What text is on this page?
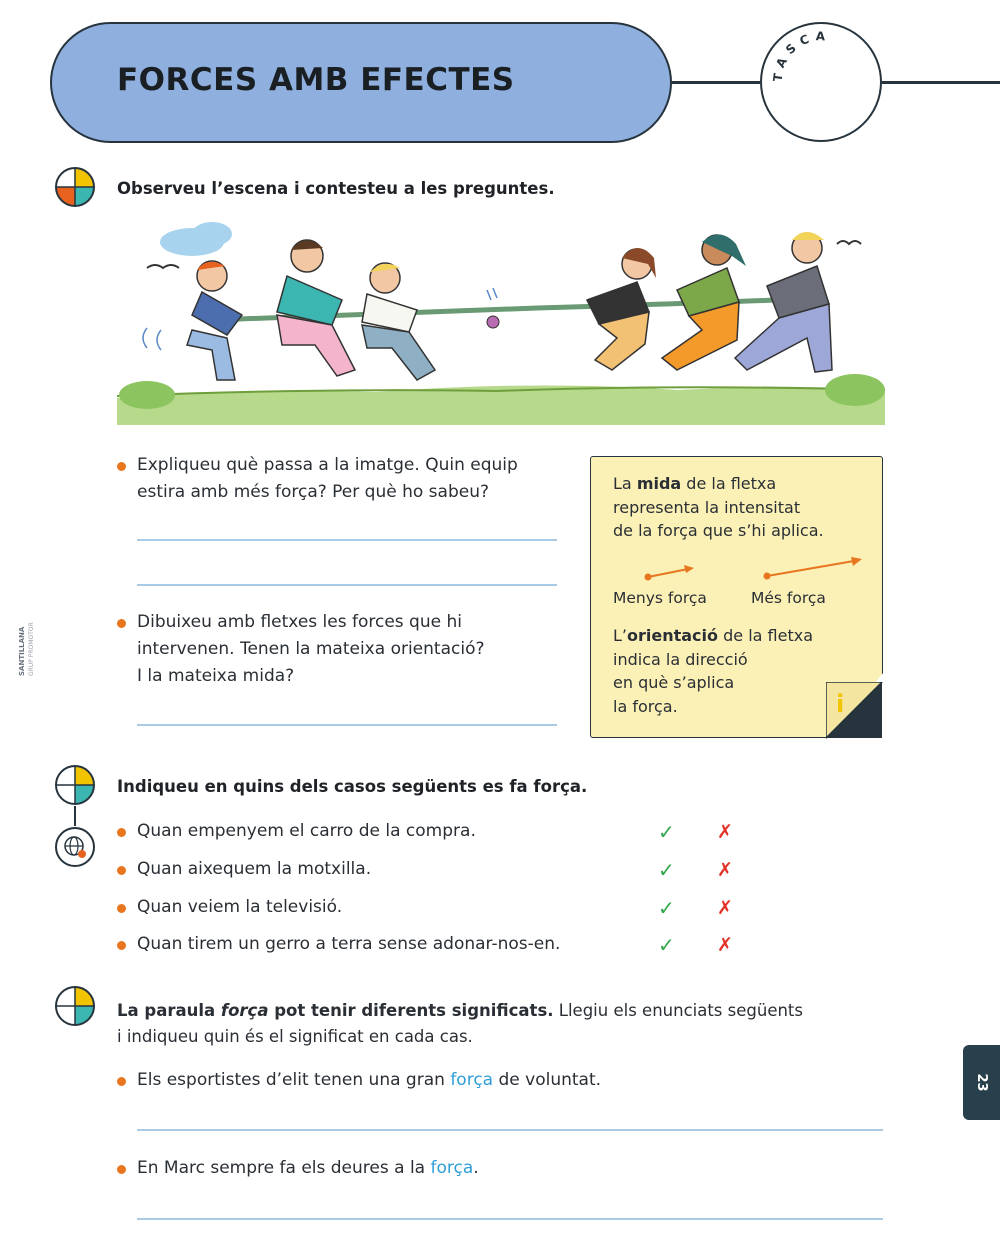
FORCES AMB EFECTES	TASCA
Observeu l’escena i contesteu a les preguntes.
Expliqueu què passa a la imatge. Quin equip
estira amb més força? Per què ho sabeu?
Dibuixeu amb fletxes les forces que hi
intervenen. Tenen la mateixa orientació?
I la mateixa mida?
i
La mida de la fletxa
representa la intensitat
de la força que s’hi aplica.
Menys força	Més força
L’orientació de la fletxa
indica la direcció
en què s’aplica
la força.
Indiqueu en quins dels casos següents es fa força.
Quan empenyem el carro de la compra.	✓ ✗
Quan aixequem la motxilla.	✓ ✗
Quan veiem la televisió.	✓ ✗
Quan tirem un gerro a terra sense adonar-nos-en.	✓ ✗
La paraula força pot tenir diferents significats. Llegiu els enunciats següents
i indiqueu quin és el significat en cada cas.
Els esportistes d’elit tenen una gran força de voluntat.
En Marc sempre fa els deures a la força.
SANTILLANA GRUP PROMOTOR
23
